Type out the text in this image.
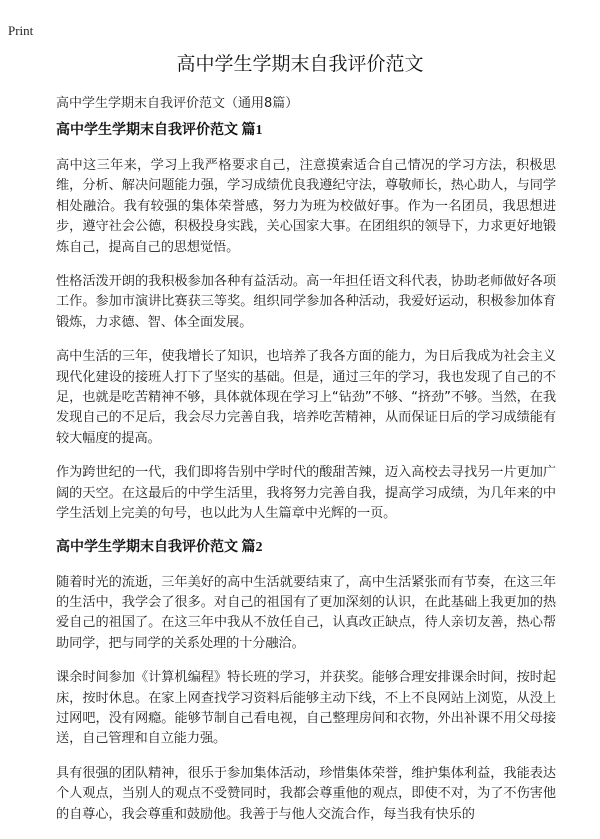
Print
高中学生学期末自我评价范文
高中学生学期末自我评价范文（通用8篇）
高中学生学期末自我评价范文 篇1

高中这三年来，学习上我严格要求自己，注意摸索适合自己情况的学习方法，积极思维，分析、解决问题能力强，学习成绩优良我遵纪守法，尊敬师长，热心助人，与同学相处融洽。我有较强的集体荣誉感，努力为班为校做好事。作为一名团员，我思想进步，遵守社会公德，积极投身实践，关心国家大事。在团组织的领导下，力求更好地锻炼自己，提高自己的思想觉悟。

性格活泼开朗的我积极参加各种有益活动。高一年担任语文科代表，协助老师做好各项工作。参加市演讲比赛获三等奖。组织同学参加各种活动，我爱好运动，积极参加体育锻炼，力求德、智、体全面发展。

高中生活的三年，使我增长了知识，也培养了我各方面的能力，为日后我成为社会主义现代化建设的接班人打下了坚实的基础。但是，通过三年的学习，我也发现了自己的不足，也就是吃苦精神不够，具体就体现在学习上“钻劲”不够、“挤劲”不够。当然，在我发现自己的不足后，我会尽力完善自我，培养吃苦精神，从而保证日后的学习成绩能有较大幅度的提高。

作为跨世纪的一代，我们即将告别中学时代的酸甜苦辣，迈入高校去寻找另一片更加广阔的天空。在这最后的中学生活里，我将努力完善自我，提高学习成绩，为几年来的中学生活划上完美的句号，也以此为人生篇章中光辉的一页。

高中学生学期末自我评价范文 篇2

随着时光的流逝，三年美好的高中生活就要结束了，高中生活紧张而有节奏，在这三年的生活中，我学会了很多。对自己的祖国有了更加深刻的认识，在此基础上我更加的热爱自己的祖国了。在这三年中我从不放任自己，认真改正缺点，待人亲切友善，热心帮助同学，把与同学的关系处理的十分融洽。

课余时间参加《计算机编程》特长班的学习，并获奖。能够合理安排课余时间，按时起床，按时休息。在家上网查找学习资料后能够主动下线，不上不良网站上浏览，从没上过网吧，没有网瘾。能够节制自己看电视，自己整理房间和衣物，外出补课不用父母接送，自己管理和自立能力强。

具有很强的团队精神，很乐于参加集体活动，珍惜集体荣誉，维护集体利益，我能表达个人观点，当别人的观点不受赞同时，我都会尊重他的观点，即使不对，为了不伤害他的自尊心，我会尊重和鼓励他。我善于与他人交流合作，每当我有快乐的
